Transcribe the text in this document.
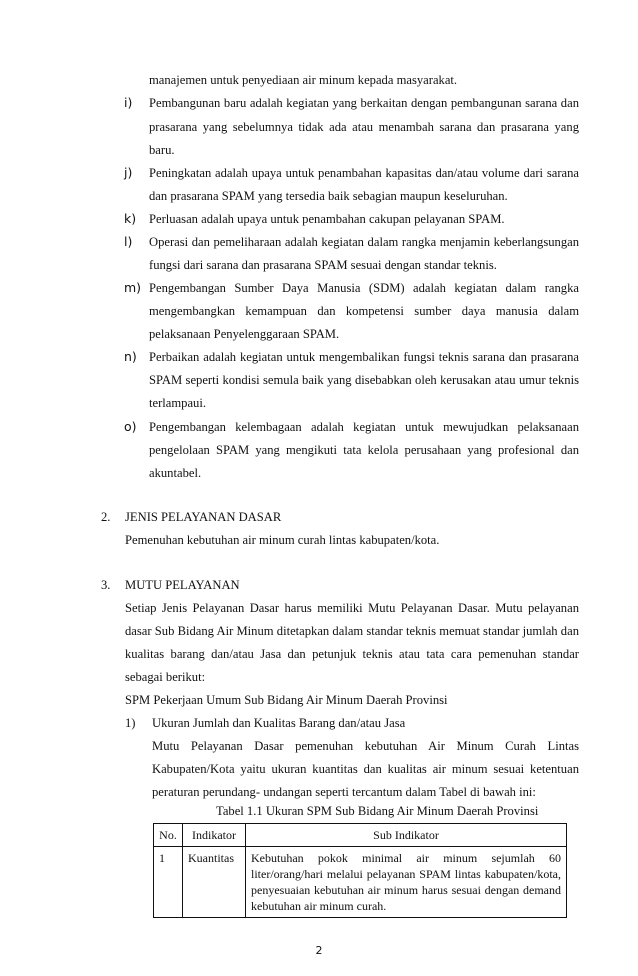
manajemen untuk penyediaan air minum kepada masyarakat.
i) Pembangunan baru adalah kegiatan yang berkaitan dengan pembangunan sarana dan
prasarana yang sebelumnya tidak ada atau menambah sarana dan prasarana yang
baru.
j) Peningkatan adalah upaya untuk penambahan kapasitas dan/atau volume dari sarana
dan prasarana SPAM yang tersedia baik sebagian maupun keseluruhan.
k) Perluasan adalah upaya untuk penambahan cakupan pelayanan SPAM.
l) Operasi dan pemeliharaan adalah kegiatan dalam rangka menjamin keberlangsungan
fungsi dari sarana dan prasarana SPAM sesuai dengan standar teknis.
m) Pengembangan Sumber Daya Manusia (SDM) adalah kegiatan dalam rangka
mengembangkan kemampuan dan kompetensi sumber daya manusia dalam
pelaksanaan Penyelenggaraan SPAM.
n) Perbaikan adalah kegiatan untuk mengembalikan fungsi teknis sarana dan prasarana
SPAM seperti kondisi semula baik yang disebabkan oleh kerusakan atau umur teknis
terlampaui.
o) Pengembangan kelembagaan adalah kegiatan untuk mewujudkan pelaksanaan
pengelolaan SPAM yang mengikuti tata kelola perusahaan yang profesional dan
akuntabel.
2. JENIS PELAYANAN DASAR
Pemenuhan kebutuhan air minum curah lintas kabupaten/kota.
3. MUTU PELAYANAN
Setiap Jenis Pelayanan Dasar harus memiliki Mutu Pelayanan Dasar. Mutu pelayanan
dasar Sub Bidang Air Minum ditetapkan dalam standar teknis memuat standar jumlah dan
kualitas barang dan/atau Jasa dan petunjuk teknis atau tata cara pemenuhan standar
sebagai berikut:
SPM Pekerjaan Umum Sub Bidang Air Minum Daerah Provinsi
1) Ukuran Jumlah dan Kualitas Barang dan/atau Jasa
Mutu Pelayanan Dasar pemenuhan kebutuhan Air Minum Curah Lintas
Kabupaten/Kota yaitu ukuran kuantitas dan kualitas air minum sesuai ketentuan
peraturan perundang- undangan seperti tercantum dalam Tabel di bawah ini:
Tabel 1.1 Ukuran SPM Sub Bidang Air Minum Daerah Provinsi
No.	Indikator	Sub Indikator
1	Kuantitas	Kebutuhan pokok minimal air minum sejumlah 60 liter/orang/hari melalui pelayanan SPAM lintas kabupaten/kota, penyesuaian kebutuhan air minum harus sesuai dengan demand kebutuhan air minum curah.
2
